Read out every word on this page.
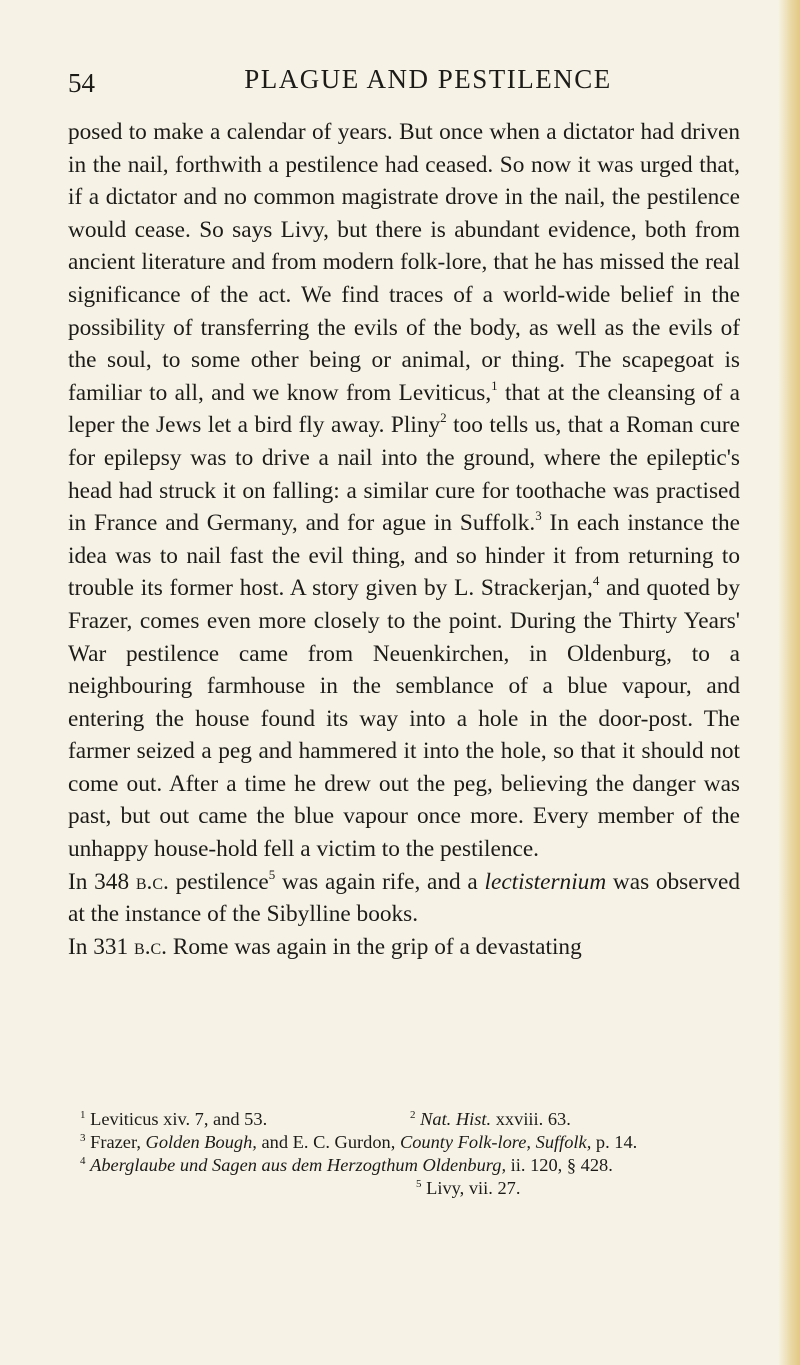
54	PLAGUE AND PESTILENCE

posed to make a calendar of years. But once when a dictator had driven in the nail, forthwith a pestilence had ceased. So now it was urged that, if a dictator and no common magistrate drove in the nail, the pestilence would cease. So says Livy, but there is abundant evidence, both from ancient literature and from modern folk-lore, that he has missed the real significance of the act. We find traces of a world-wide belief in the possibility of transferring the evils of the body, as well as the evils of the soul, to some other being or animal, or thing. The scapegoat is familiar to all, and we know from Leviticus,$^1$ that at the cleansing of a leper the Jews let a bird fly away. Pliny$^2$ too tells us, that a Roman cure for epilepsy was to drive a nail into the ground, where the epileptic's head had struck it on falling: a similar cure for toothache was practised in France and Germany, and for ague in Suffolk.$^3$ In each instance the idea was to nail fast the evil thing, and so hinder it from returning to trouble its former host. A story given by L. Strackerjan,$^4$ and quoted by Frazer, comes even more closely to the point. During the Thirty Years' War pestilence came from Neuenkirchen, in Oldenburg, to a neighbouring farmhouse in the semblance of a blue vapour, and entering the house found its way into a hole in the door-post. The farmer seized a peg and hammered it into the hole, so that it should not come out. After a time he drew out the peg, believing the danger was past, but out came the blue vapour once more. Every member of the unhappy house-hold fell a victim to the pestilence.

In 348 b.c. pestilence$^5$ was again rife, and a lectisternium was observed at the instance of the Sibylline books.

In 331 b.c. Rome was again in the grip of a devastating

$^1$ Leviticus xiv. 7, and 53.	$^2$ Nat. Hist. xxviii. 63.
$^3$ Frazer, Golden Bough, and E. C. Gurdon, County Folk-lore, Suffolk, p. 14.
$^4$ Aberglaube und Sagen aus dem Herzogthum Oldenburg, ii. 120, § 428.
$^5$ Livy, vii. 27.
